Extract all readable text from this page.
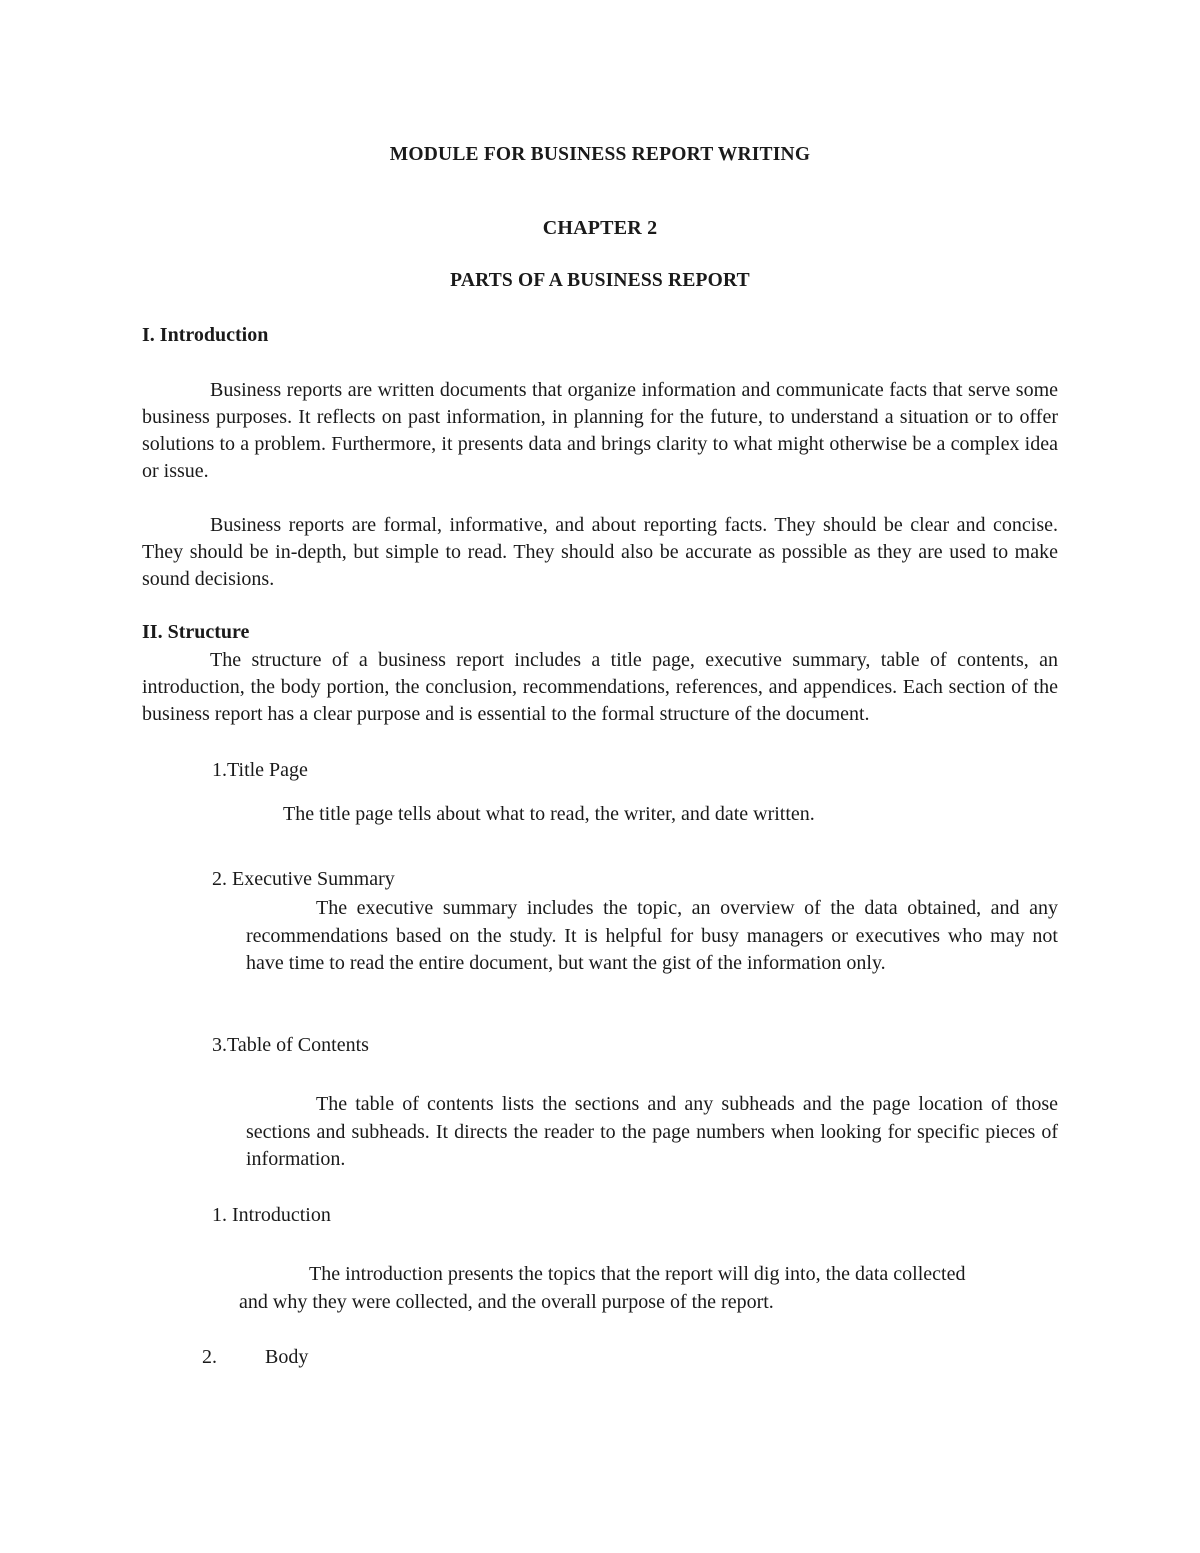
MODULE FOR BUSINESS REPORT WRITING

CHAPTER 2

PARTS OF A BUSINESS REPORT

I. Introduction

Business reports are written documents that organize information and communicate facts that serve some business purposes. It reflects on past information, in planning for the future, to understand a situation or to offer solutions to a problem. Furthermore, it presents data and brings clarity to what might otherwise be a complex idea or issue.

Business reports are formal, informative, and about reporting facts. They should be clear and concise. They should be in-depth, but simple to read. They should also be accurate as possible as they are used to make sound decisions.

II. Structure

The structure of a business report includes a title page, executive summary, table of contents, an introduction, the body portion, the conclusion, recommendations, references, and appendices. Each section of the business report has a clear purpose and is essential to the formal structure of the document.

1.Title Page

The title page tells about what to read, the writer, and date written.

2. Executive Summary

The executive summary includes the topic, an overview of the data obtained, and any recommendations based on the study. It is helpful for busy managers or executives who may not have time to read the entire document, but want the gist of the information only.

3.Table of Contents

The table of contents lists the sections and any subheads and the page location of those sections and subheads. It directs the reader to the page numbers when looking for specific pieces of information.

1. Introduction

The introduction presents the topics that the report will dig into, the data collected and why they were collected, and the overall purpose of the report.

2. Body
